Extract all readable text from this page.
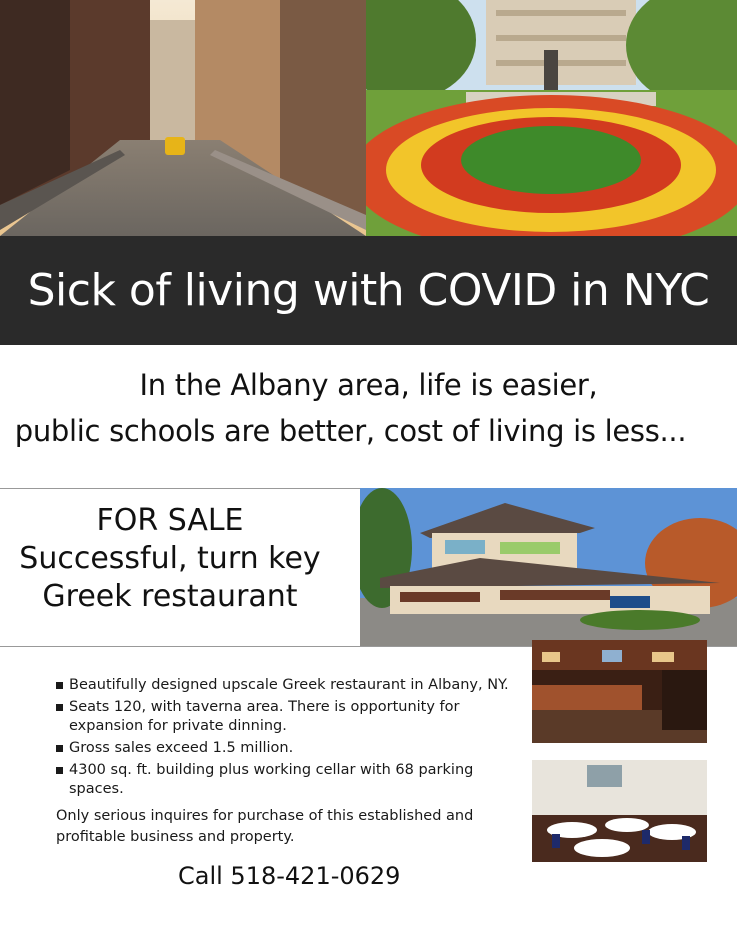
Sick of living with COVID in NYC
In the Albany area, life is easier,
public schools are better, cost of living is less...
FOR SALE
Successful, turn key
Greek restaurant
Beautifully designed upscale Greek restaurant in Albany, NY.
Seats 120, with taverna area. There is opportunity for expansion for private dinning.
Gross sales exceed 1.5 million.
4300 sq. ft. building plus working cellar with 68 parking spaces.
Only serious inquires for purchase of this established and profitable business and property.
Call 518-421-0629
